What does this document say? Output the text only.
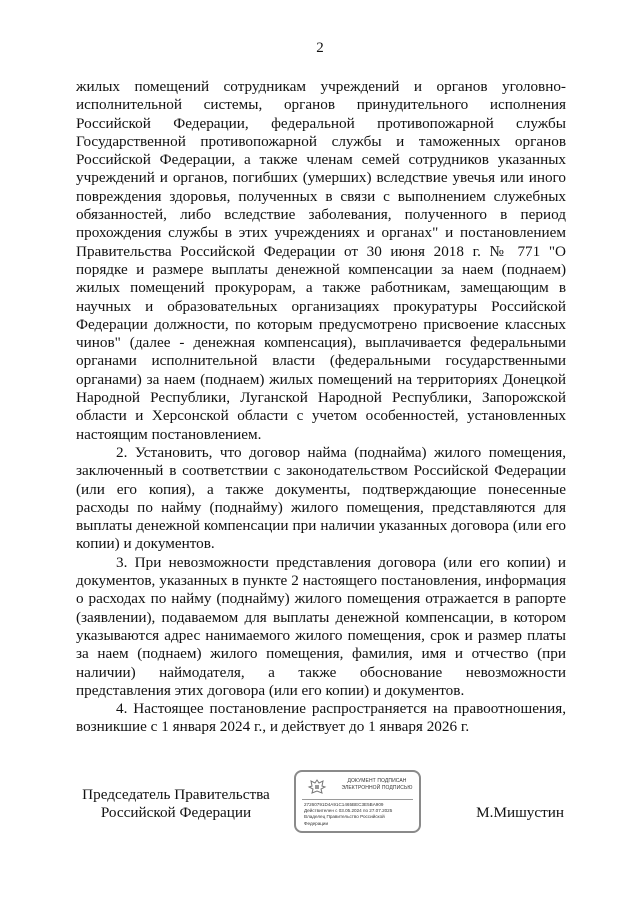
2

жилых помещений сотрудникам учреждений и органов уголовно-исполнительной системы, органов принудительного исполнения Российской Федерации, федеральной противопожарной службы Государственной противопожарной службы и таможенных органов Российской Федерации, а также членам семей сотрудников указанных учреждений и органов, погибших (умерших) вследствие увечья или иного повреждения здоровья, полученных в связи с выполнением служебных обязанностей, либо вследствие заболевания, полученного в период прохождения службы в этих учреждениях и органах" и постановлением Правительства Российской Федерации от 30 июня 2018 г. № 771 "О порядке и размере выплаты денежной компенсации за наем (поднаем) жилых помещений прокурорам, а также работникам, замещающим в научных и образовательных организациях прокуратуры Российской Федерации должности, по которым предусмотрено присвоение классных чинов" (далее - денежная компенсация), выплачивается федеральными органами исполнительной власти (федеральными государственными органами) за наем (поднаем) жилых помещений на территориях Донецкой Народной Республики, Луганской Народной Республики, Запорожской области и Херсонской области с учетом особенностей, установленных настоящим постановлением.

2. Установить, что договор найма (поднайма) жилого помещения, заключенный в соответствии с законодательством Российской Федерации (или его копия), а также документы, подтверждающие понесенные расходы по найму (поднайму) жилого помещения, представляются для выплаты денежной компенсации при наличии указанных договора (или его копии) и документов.

3. При невозможности представления договора (или его копии) и документов, указанных в пункте 2 настоящего постановления, информация о расходах по найму (поднайму) жилого помещения отражается в рапорте (заявлении), подаваемом для выплаты денежной компенсации, в котором указываются адрес нанимаемого жилого помещения, срок и размер платы за наем (поднаем) жилого помещения, фамилия, имя и отчество (при наличии) наймодателя, а также обоснование невозможности представления этих договора (или его копии) и документов.

4. Настоящее постановление распространяется на правоотношения, возникшие с 1 января 2024 г., и действует до 1 января 2026 г.

Председатель Правительства
Российской Федерации
ДОКУМЕНТ ПОДПИСАН
ЭЛЕКТРОННОЙ ПОДПИСЬЮ
27260791D4A91C1465BEC3E5BA909
Действителен с 03.05.2024 по 27.07.2025
Владелец Правительство Российской
Федерации
М.Мишустин
